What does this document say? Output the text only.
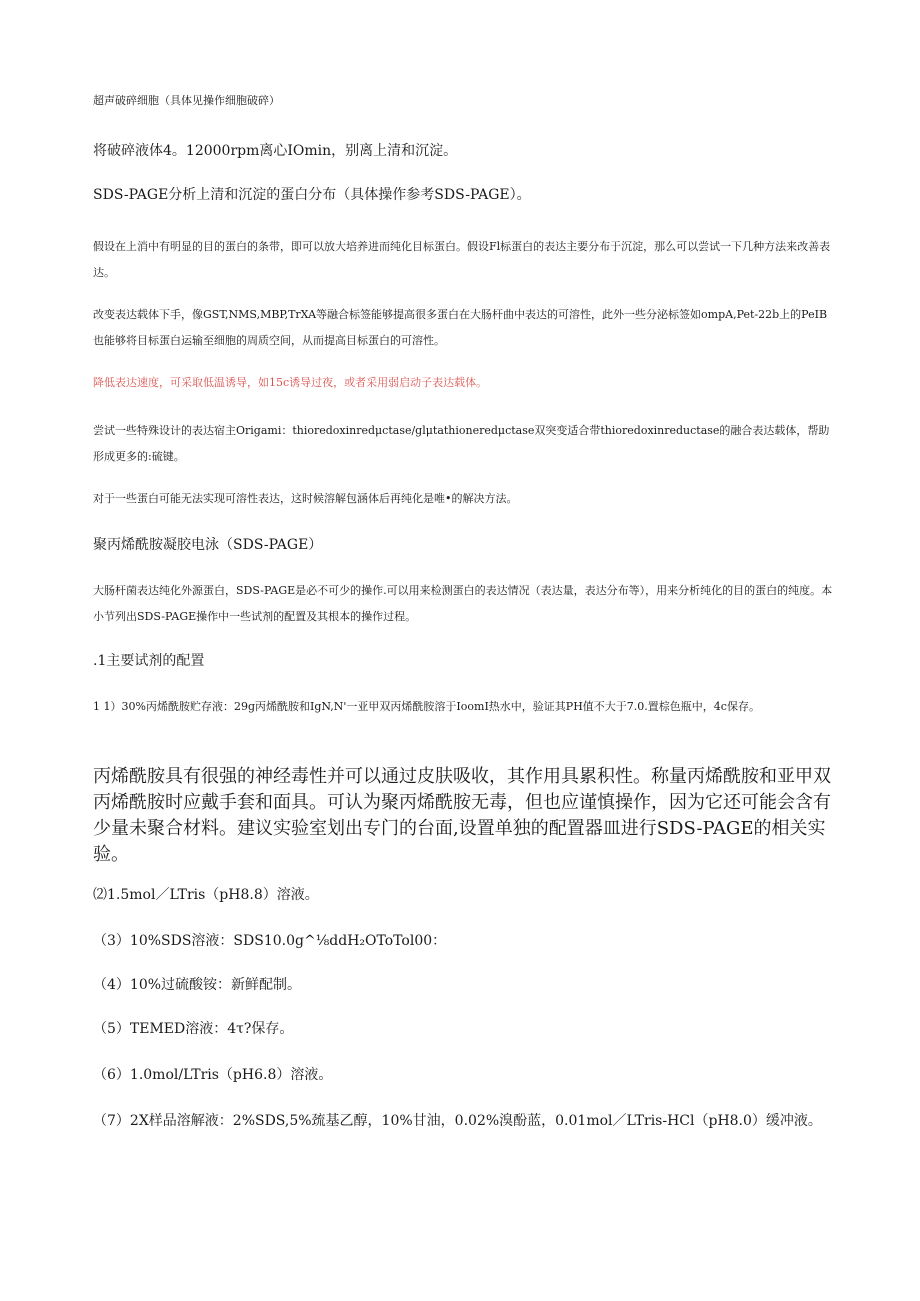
超声破碎细胞（具体见操作细胞破碎）

将破碎液体4。12000rpm离心IOmin，别离上清和沉淀。

SDS-PAGE分析上清和沉淀的蛋白分布（具体操作参考SDS-PAGE）。

假设在上消中有明显的目的蛋白的条带，即可以放大培养进而纯化目标蛋白。假设Fl标蛋白的表达主要分布于沉淀，那么可以尝试一下几种方法来改善表达。

改变表达载体下手，像GST,NMS,MBP,TrXA等融合标签能够提高很多蛋白在大肠杆曲中表达的可溶性，此外一些分泌标签如ompA,Pet-22b上的PeIB也能够将目标蛋白运输至细胞的周质空间，从而提高目标蛋白的可溶性。

降低表达速度，可采取低温诱导，如15c诱导过夜，或者采用弱启动子表达载体。

尝试一些特殊设计的表达宿主Origami：thioredoxinredμctase/glμtathioneredμctase双突变适合带thioredoxinreductase的融合表达载体，帮助形成更多的:硫键。

对于一些蛋白可能无法实现可溶性表达，这时候溶解包涵体后再纯化是唯•的解决方法。

聚丙烯酰胺凝胶电泳（SDS-PAGE）

大肠杆菌表达纯化外源蛋白，SDS-PAGE是必不可少的操作.可以用来检测蛋白的表达情况（表达量，表达分布等），用来分析纯化的目的蛋白的纯度。本小节列出SDS-PAGE操作中一些试剂的配置及其根本的操作过程。

.1主要试剂的配置

1 1）30%丙烯酰胺贮存液：29g丙烯酰胺和IgN,N'一亚甲双丙烯酰胺溶于IoomI热水中，验证其PH值不大于7.0.置棕色瓶中，4c保存。

丙烯酰胺具有很强的神经毒性并可以通过皮肤吸收，其作用具累积性。称量丙烯酰胺和亚甲双丙烯酰胺时应戴手套和面具。可认为聚丙烯酰胺无毒，但也应谨慎操作，因为它还可能会含有少量未聚合材料。建议实验室划出专门的台面,设置单独的配置器皿进行SDS-PAGE的相关实验。

⑵1.5mol／LTris（pH8.8）溶液。

（3）10%SDS溶液：SDS10.0g^⅛ddH₂OToTol00：

（4）10%过硫酸铵：新鲜配制。

（5）TEMED溶液：4τ?保存。

（6）1.0mol/LTris（pH6.8）溶液。

（7）2X样品溶解液：2%SDS,5%巯基乙醇，10%甘油，0.02%溴酚蓝，0.01mol／LTris-HCl（pH8.0）缓冲液。
